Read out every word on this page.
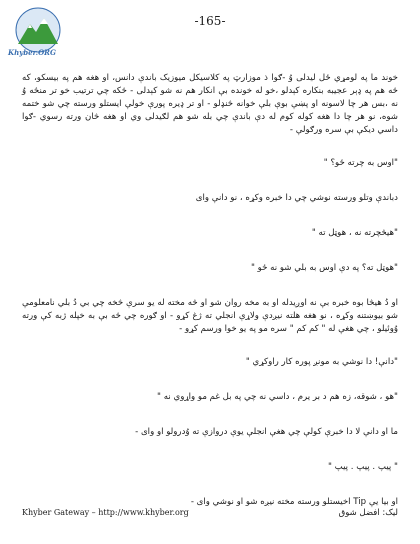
Khyber.ORG
-165-

خوند ما په لومړي ځل لیدلی وُ -ګوا ذ موزارټ په کلاسیکل میوزیک باندې دانس، او هغه هم په بیسکو، که څه هم په ډېر عجیبه بنکاره کېدلو ،خو له خونده بې انکار هم نه شو کېدلی - څکه چي ترتیب خو تر منځه وُ نه ،بس هر چا لاسونه او پښې بوې بلې خوانه څنډلو - او تر ډیره پورې خولې ایستلو ورسته چي شو ختمه شوه، نو هر چا دا هغه کوله کوم له دې باندې چي بله شو هم لګیدلی وي او هغه څان ورته رسوي -ګوا داسي دیکې بې سره ورګولې -

"اوس به چرته ځو؟ "

دباندې وتلو ورسته نوشي چي دا خبره وکړه ، نو دانې وای

"هیڅچرته نه ، هوټل ته "

"هوټل ته؟ په دې اوس به بلي شو نه ځو "

او دُ هیڅا بوه خبره بې نه اوږیدله او به مخه روان شو او څه مخته له یو سرې څخه چي بي دُ بلي نامعلومې شو بیوښتنه وکړه ، نو هغه هلته نیږدې ولاړې انجلي ته ژغ کړو - او ګوره چي څه بې به خپله ژبه کې ورته وُوئیلو ، چي هغې له " کم کم " سره مو په یو خوا ورسم کړو -

"دانې! دا نوشي به مونږ پوره کار راوکړي "

"هو ، شوقه، زه هم د بر یرم ، داسي نه چي په بل غم مو واړوي نه "

ما او دانې لا دا خبرې کولې چي هغې انجلې یوې دروازې ته وُدرولو او وای -

" پیپ . پیپ . پیپ "

او بیا یې Tip اخیستلو ورسته مخته نیږه شو او نوشي وای -

Khyber Gateway – http://www.khyber.org	لیک: افضل شوق
